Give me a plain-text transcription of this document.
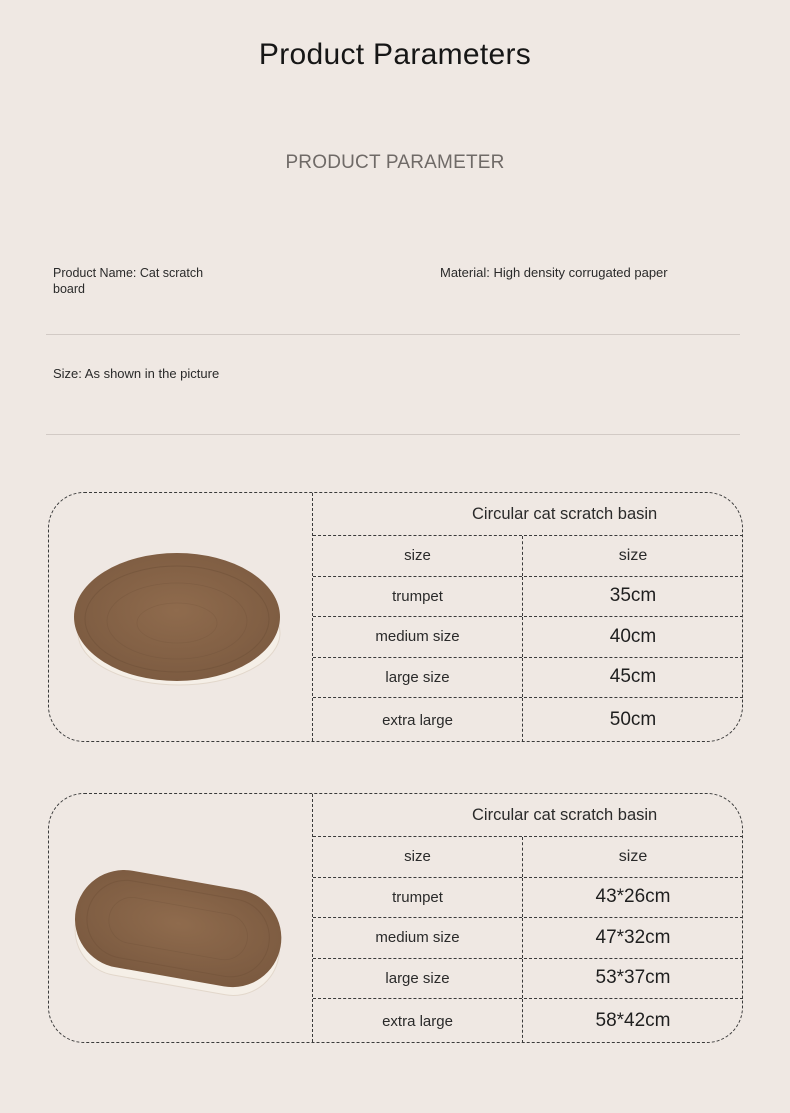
Product Parameters
PRODUCT PARAMETER
Product Name: Cat scratch board
Material: High density corrugated paper
Size: As shown in the picture
Circular cat scratch basin
size	size
trumpet	35cm
medium size	40cm
large size	45cm
extra large	50cm
Circular cat scratch basin
size	size
trumpet	43*26cm
medium size	47*32cm
large size	53*37cm
extra large	58*42cm
